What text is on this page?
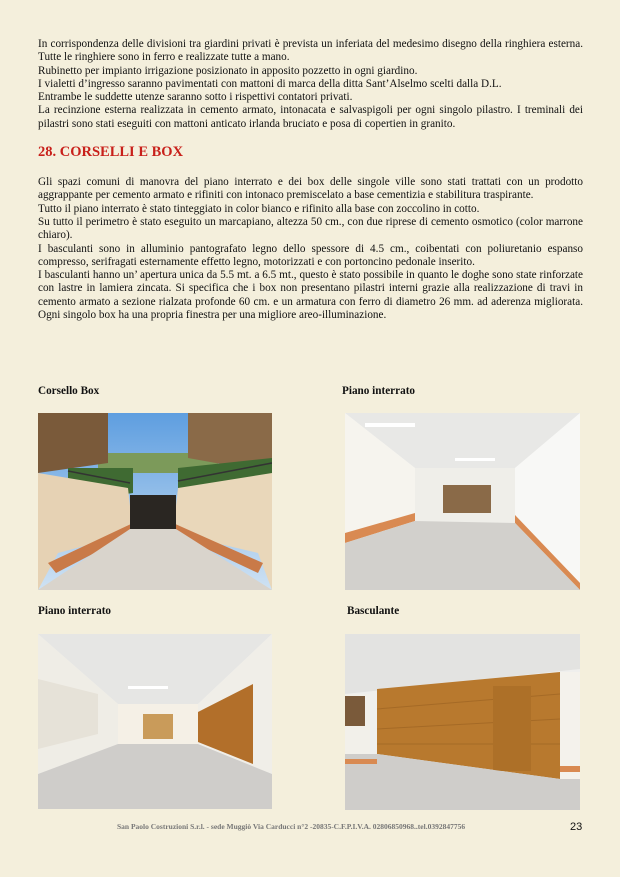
In corrispondenza delle divisioni tra giardini privati è prevista un inferiata del medesimo disegno della ringhiera esterna. Tutte le ringhiere sono in ferro e realizzate tutte a mano.

Rubinetto per impianto irrigazione posizionato in apposito pozzetto in ogni giardino.

I vialetti d’ingresso saranno pavimentati con mattoni di marca della ditta Sant’Alselmo scelti dalla D.L.

Entrambe le suddette utenze saranno sotto i rispettivi contatori privati.

La recinzione esterna realizzata in cemento armato, intonacata e salvaspigoli per ogni singolo pilastro. I treminali dei pilastri sono stati eseguiti con mattoni anticato irlanda bruciato e posa di copertien in granito.

28. CORSELLI E BOX

Gli spazi comuni di manovra del piano interrato e dei box delle singole ville sono stati trattati con un prodotto aggrappante per cemento armato e rifiniti con intonaco premiscelato a base cementizia e stabilitura traspirante.

Tutto il piano interrato è stato tinteggiato in color bianco e rifinito alla base con zoccolino in cotto.

Su tutto il perimetro è stato eseguito un marcapiano, altezza 50 cm., con due riprese di cemento osmotico (color marrone chiaro).

I basculanti sono in alluminio pantografato legno dello spessore di 4.5 cm., coibentati con poliuretanio espanso compresso, serifragati esternamente effetto legno, motorizzati e con portoncino pedonale inserito.

I basculanti hanno un’ apertura unica da 5.5 mt. a 6.5 mt., questo è stato possibile in quanto le doghe sono state rinforzate con lastre in lamiera zincata. Si specifica che i box non presentano pilastri interni grazie alla realizzazione di travi in cemento armato a sezione rialzata profonde 60 cm. e un armatura con ferro di diametro 26 mm. ad aderenza migliorata. Ogni singolo box ha una propria finestra per una migliore areo-illuminazione.

Corsello Box	Piano interrato
Piano interrato	Basculante
San Paolo Costruzioni S.r.l. - sede Muggiò Via Carducci n°2 -20835-C.F.P.I.V.A. 02806850968..tel.0392847756	23
